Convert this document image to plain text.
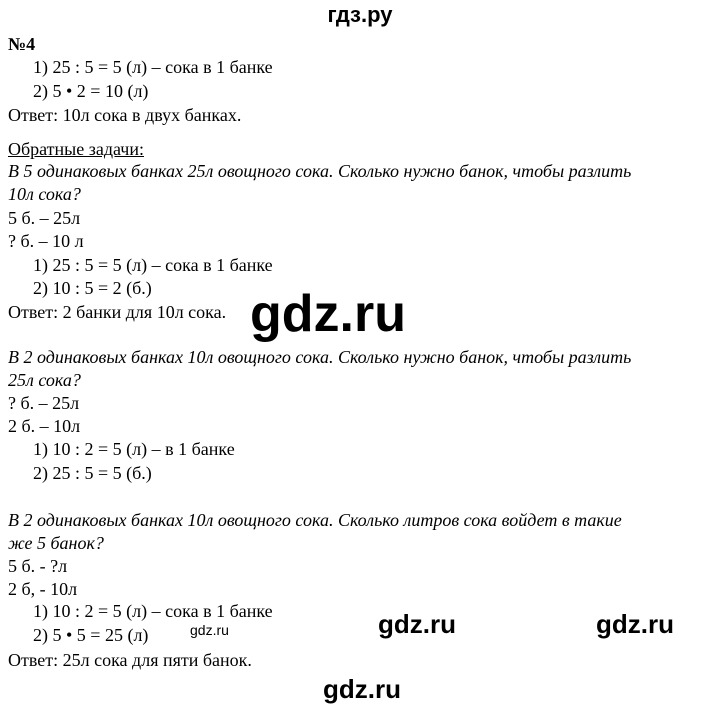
гдз.ру
№4
1) 25 : 5 = 5 (л) – сока в 1 банке
2) 5 • 2 = 10 (л)
Ответ: 10л сока в двух банках.
Обратные задачи:
В 5 одинаковых банках 25л овощного сока. Сколько нужно банок, чтобы разлить
10л сока?
5 б. – 25л
? б. – 10 л
1) 25 : 5 = 5 (л) – сока в 1 банке
2) 10 : 5 = 2 (б.)
Ответ: 2 банки для 10л сока.
В 2 одинаковых банках 10л овощного сока. Сколько нужно банок, чтобы разлить
25л сока?
? б. – 25л
2 б. – 10л
1) 10 : 2 = 5 (л) – в 1 банке
2) 25 : 5 = 5 (б.)
В 2 одинаковых банках 10л овощного сока. Сколько литров сока войдет в такие
же 5 банок?
5 б. - ?л
2 б, - 10л
1) 10 : 2 = 5 (л) – сока в 1 банке
2) 5 • 5 = 25 (л)
Ответ: 25л сока для пяти банок.
gdz.ru
gdz.ru	gdz.ru
gdz.ru
gdz.ru
